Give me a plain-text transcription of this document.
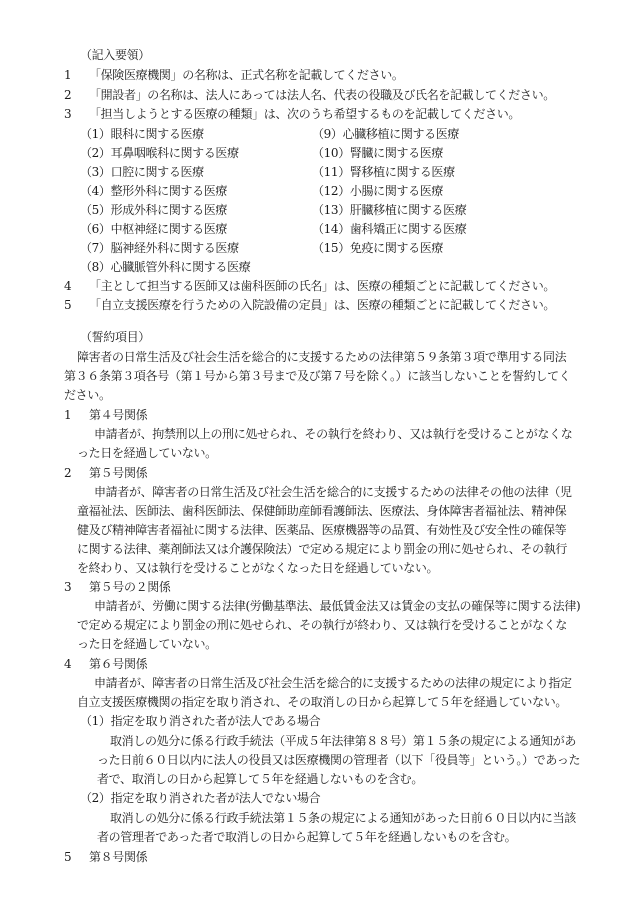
（記入要領）
1 「保険医療機関」の名称は、正式名称を記載してください。
2 「開設者」の名称は、法人にあっては法人名、代表の役職及び氏名を記載してください。
3 「担当しようとする医療の種類」は、次のうち希望するものを記載してください。
（1）眼科に関する医療
（2）耳鼻咽喉科に関する医療
（3）口腔に関する医療
（4）整形外科に関する医療
（5）形成外科に関する医療
（6）中枢神経に関する医療
（7）脳神経外科に関する医療
（8）心臓脈管外科に関する医療
（9）心臓移植に関する医療
（10）腎臓に関する医療
（11）腎移植に関する医療
（12）小腸に関する医療
（13）肝臓移植に関する医療
（14）歯科矯正に関する医療
（15）免疫に関する医療
4 「主として担当する医師又は歯科医師の氏名」は、医療の種類ごとに記載してください。
5 「自立支援医療を行うための入院設備の定員」は、医療の種類ごとに記載してください。
（誓約項目）
障害者の日常生活及び社会生活を総合的に支援するための法律第５９条第３項で準用する同法
第３６条第３項各号（第１号から第３号まで及び第７号を除く。）に該当しないことを誓約してく
ださい。
1 第４号関係
申請者が、拘禁刑以上の刑に処せられ、その執行を終わり、又は執行を受けることがなくな
った日を経過していない。
2 第５号関係
申請者が、障害者の日常生活及び社会生活を総合的に支援するための法律その他の法律（児
童福祉法、医師法、歯科医師法、保健師助産師看護師法、医療法、身体障害者福祉法、精神保
健及び精神障害者福祉に関する法律、医薬品、医療機器等の品質、有効性及び安全性の確保等
に関する法律、薬剤師法又は介護保険法）で定める規定により罰金の刑に処せられ、その執行
を終わり、又は執行を受けることがなくなった日を経過していない。
3 第５号の２関係
申請者が、労働に関する法律(労働基準法、最低賃金法又は賃金の支払の確保等に関する法律)
で定める規定により罰金の刑に処せられ、その執行が終わり、又は執行を受けることがなくな
った日を経過していない。
4 第６号関係
申請者が、障害者の日常生活及び社会生活を総合的に支援するための法律の規定により指定
自立支援医療機関の指定を取り消され、その取消しの日から起算して５年を経過していない。
（1）指定を取り消された者が法人である場合
取消しの処分に係る行政手続法（平成５年法律第８８号）第１５条の規定による通知があ
った日前６０日以内に法人の役員又は医療機関の管理者（以下「役員等」という。）であった
者で、取消しの日から起算して５年を経過しないものを含む。
（2）指定を取り消された者が法人でない場合
取消しの処分に係る行政手続法第１５条の規定による通知があった日前６０日以内に当該
者の管理者であった者で取消しの日から起算して５年を経過しないものを含む。
5 第８号関係
